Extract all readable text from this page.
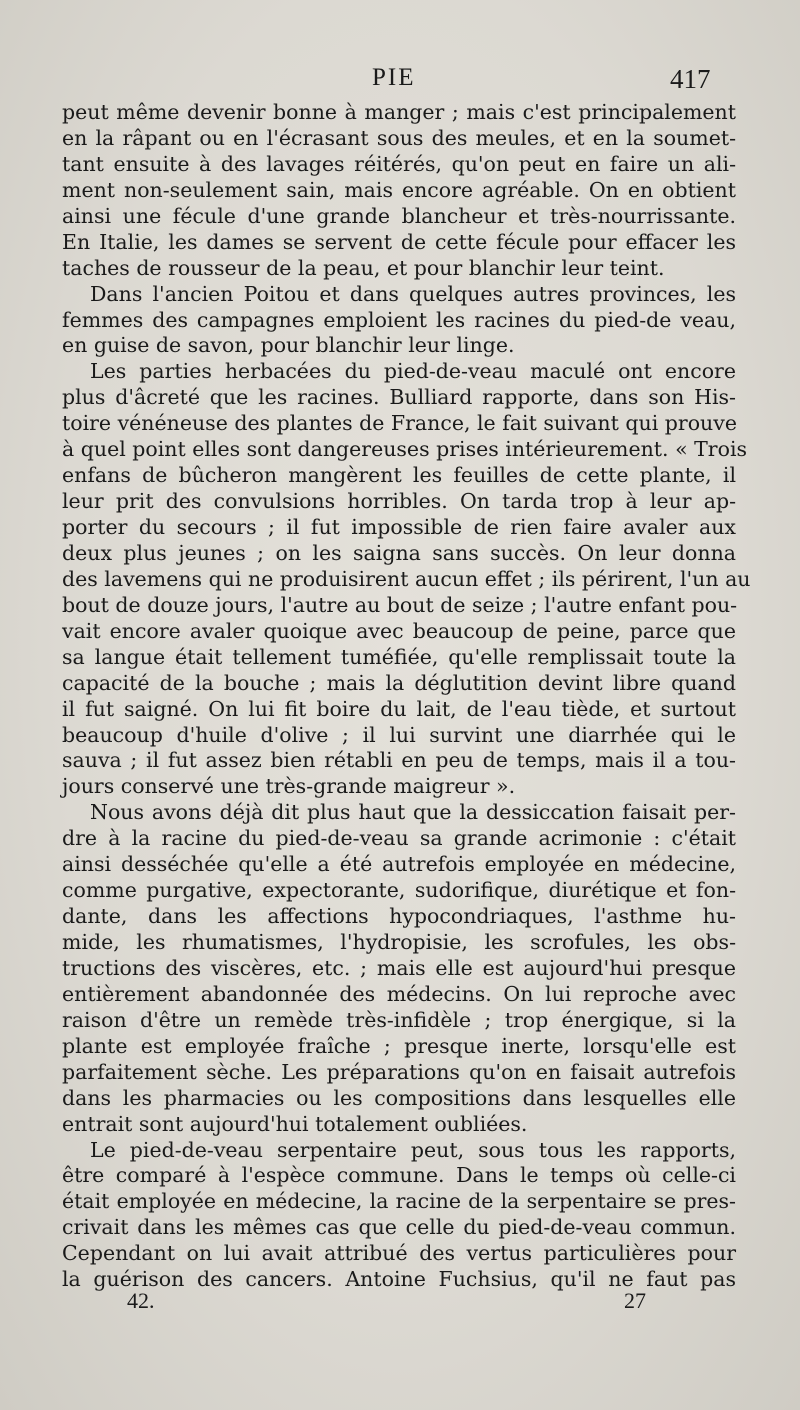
PIE	417
peut même devenir bonne à manger ; mais c'est principalement
en la râpant ou en l'écrasant sous des meules, et en la soumet-
tant ensuite à des lavages réitérés, qu'on peut en faire un ali-
ment non-seulement sain, mais encore agréable. On en obtient
ainsi une fécule d'une grande blancheur et très-nourrissante.
En Italie, les dames se servent de cette fécule pour effacer les
taches de rousseur de la peau, et pour blanchir leur teint.
Dans l'ancien Poitou et dans quelques autres provinces, les
femmes des campagnes emploient les racines du pied-de veau,
en guise de savon, pour blanchir leur linge.
Les parties herbacées du pied-de-veau maculé ont encore
plus d'âcreté que les racines. Bulliard rapporte, dans son His-
toire vénéneuse des plantes de France, le fait suivant qui prouve
à quel point elles sont dangereuses prises intérieurement. « Trois
enfans de bûcheron mangèrent les feuilles de cette plante, il
leur prit des convulsions horribles. On tarda trop à leur ap-
porter du secours ; il fut impossible de rien faire avaler aux
deux plus jeunes ; on les saigna sans succès. On leur donna
des lavemens qui ne produisirent aucun effet ; ils périrent, l'un au
bout de douze jours, l'autre au bout de seize ; l'autre enfant pou-
vait encore avaler quoique avec beaucoup de peine, parce que
sa langue était tellement tuméfiée, qu'elle remplissait toute la
capacité de la bouche ; mais la déglutition devint libre quand
il fut saigné. On lui fit boire du lait, de l'eau tiède, et surtout
beaucoup d'huile d'olive ; il lui survint une diarrhée qui le
sauva ; il fut assez bien rétabli en peu de temps, mais il a tou-
jours conservé une très-grande maigreur ».
Nous avons déjà dit plus haut que la dessiccation faisait per-
dre à la racine du pied-de-veau sa grande acrimonie : c'était
ainsi desséchée qu'elle a été autrefois employée en médecine,
comme purgative, expectorante, sudorifique, diurétique et fon-
dante, dans les affections hypocondriaques, l'asthme hu-
mide, les rhumatismes, l'hydropisie, les scrofules, les obs-
tructions des viscères, etc. ; mais elle est aujourd'hui presque
entièrement abandonnée des médecins. On lui reproche avec
raison d'être un remède très-infidèle ; trop énergique, si la
plante est employée fraîche ; presque inerte, lorsqu'elle est
parfaitement sèche. Les préparations qu'on en faisait autrefois
dans les pharmacies ou les compositions dans lesquelles elle
entrait sont aujourd'hui totalement oubliées.
Le pied-de-veau serpentaire peut, sous tous les rapports,
être comparé à l'espèce commune. Dans le temps où celle-ci
était employée en médecine, la racine de la serpentaire se pres-
crivait dans les mêmes cas que celle du pied-de-veau commun.
Cependant on lui avait attribué des vertus particulières pour
la guérison des cancers. Antoine Fuchsius, qu'il ne faut pas
42.	27
